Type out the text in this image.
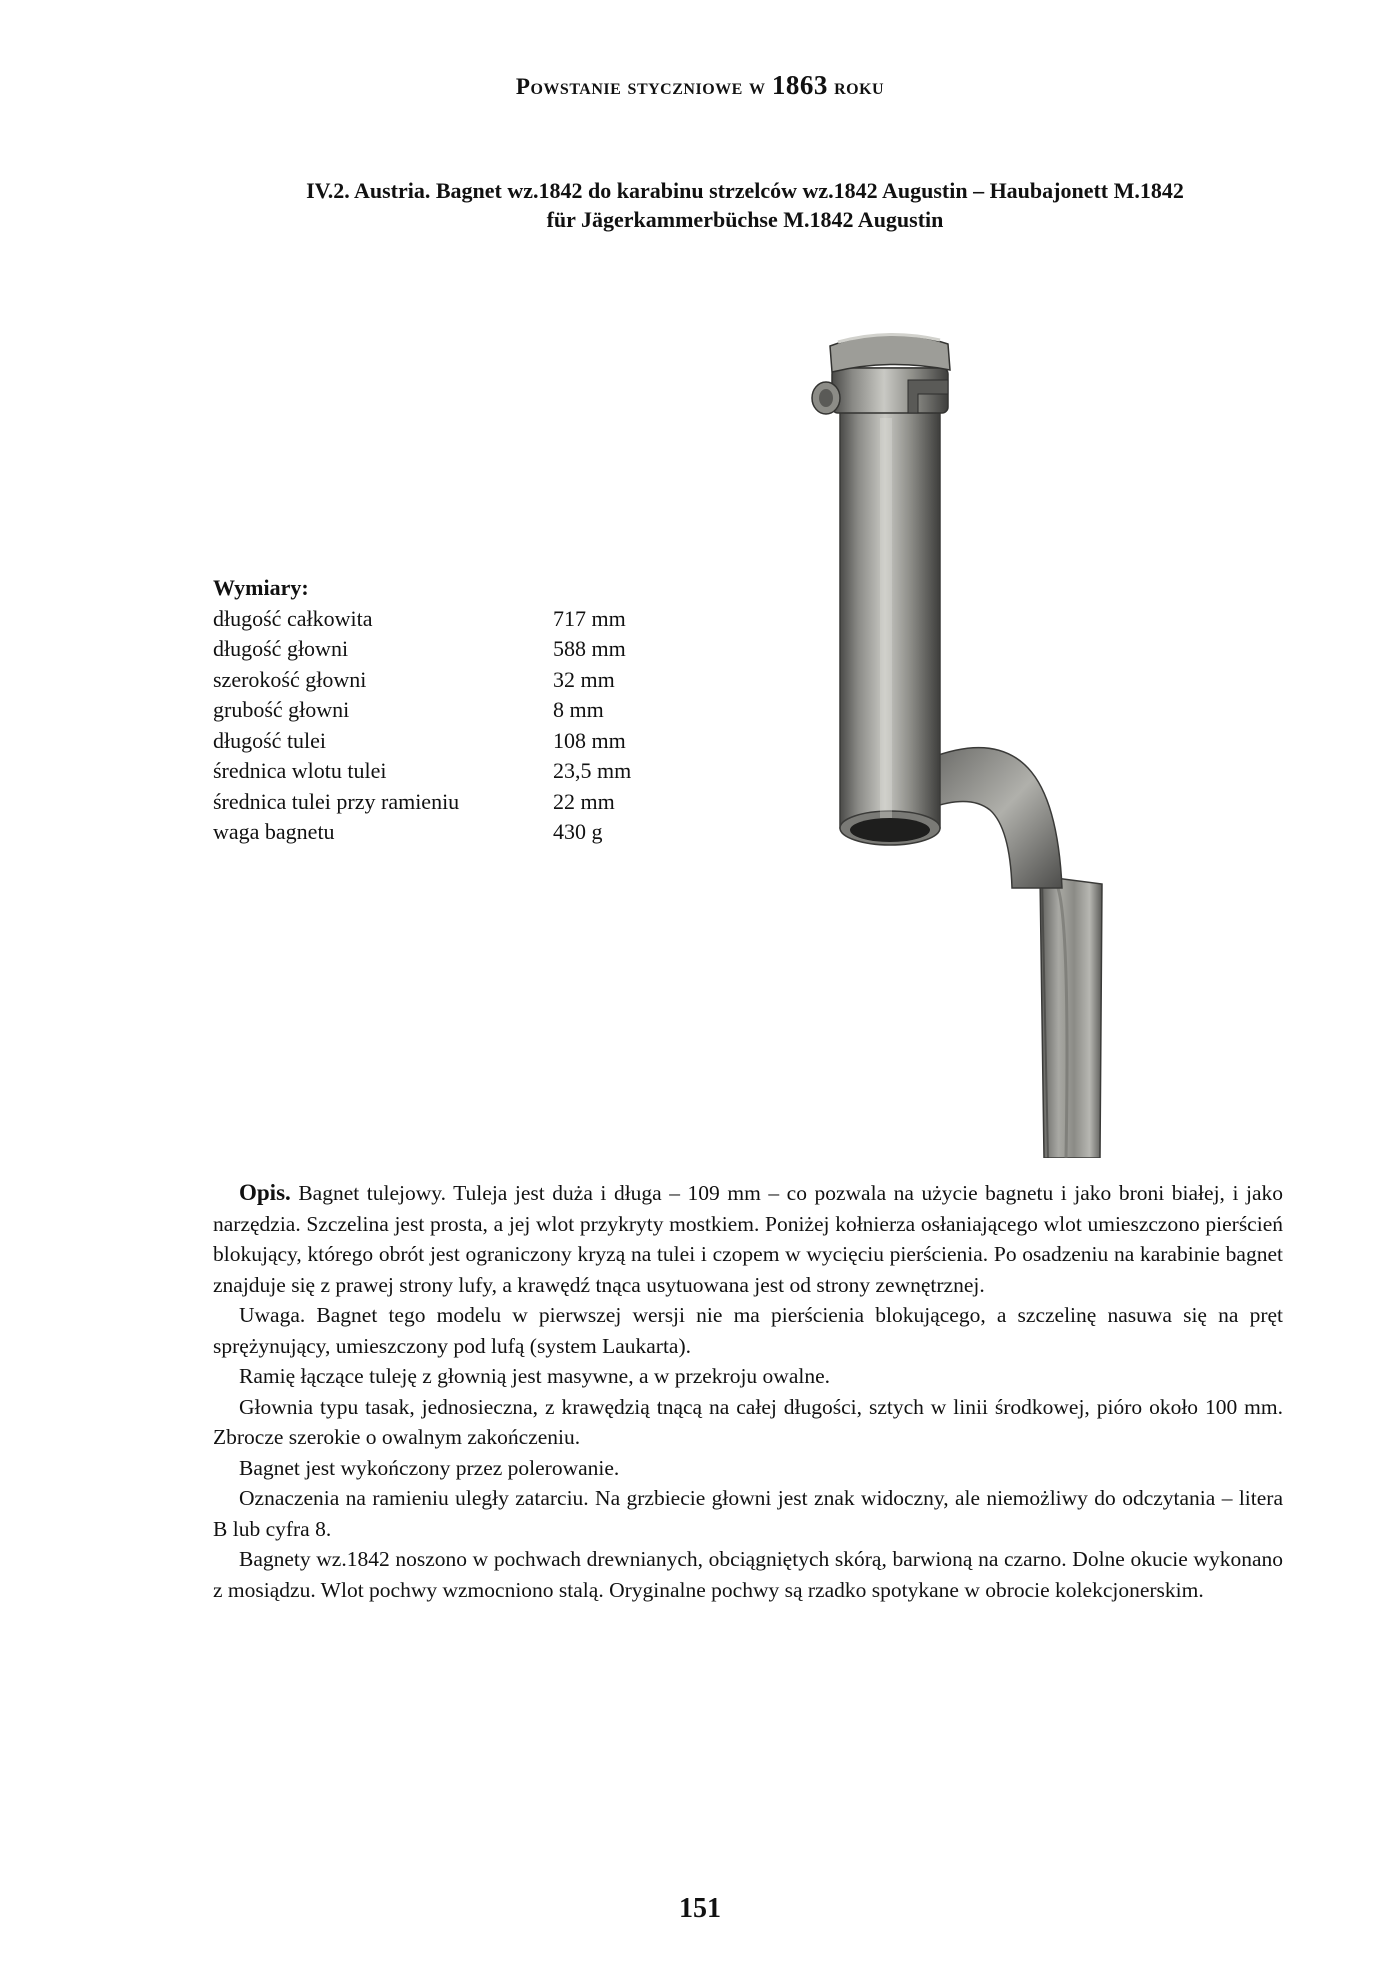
Powstanie styczniowe w 1863 roku
IV.2. Austria. Bagnet wz.1842 do karabinu strzelców wz.1842 Augustin – Haubajonett M.1842
für Jägerkammerbüchse M.1842 Augustin
Wymiary:
długość całkowita	717 mm
długość głowni	588 mm
szerokość głowni	32 mm
grubość głowni	8 mm
długość tulei	108 mm
średnica wlotu tulei	23,5 mm
średnica tulei przy ramieniu	22 mm
waga bagnetu	430 g

Opis. Bagnet tulejowy. Tuleja jest duża i długa – 109 mm – co pozwala na użycie bagnetu i jako broni białej, i jako narzędzia. Szczelina jest prosta, a jej wlot przykryty mostkiem. Poniżej kołnierza osłaniającego wlot umieszczono pierścień blokujący, którego obrót jest ograniczony kryzą na tulei i czopem w wycięciu pierścienia. Po osadzeniu na karabinie bagnet znajduje się z prawej strony lufy, a krawędź tnąca usytuowana jest od strony zewnętrznej.

Uwaga. Bagnet tego modelu w pierwszej wersji nie ma pierścienia blokującego, a szczelinę nasuwa się na pręt sprężynujący, umieszczony pod lufą (system Laukarta).

Ramię łączące tuleję z głownią jest masywne, a w przekroju owalne.

Głownia typu tasak, jednosieczna, z krawędzią tnącą na całej długości, sztych w linii środkowej, pióro około 100 mm. Zbrocze szerokie o owalnym zakończeniu.

Bagnet jest wykończony przez polerowanie.

Oznaczenia na ramieniu uległy zatarciu. Na grzbiecie głowni jest znak widoczny, ale niemożliwy do odczytania – litera B lub cyfra 8.

Bagnety wz.1842 noszono w pochwach drewnianych, obciągniętych skórą, barwioną na czarno. Dolne okucie wykonano z mosiądzu. Wlot pochwy wzmocniono stalą. Oryginalne pochwy są rzadko spotykane w obrocie kolekcjonerskim.

151
